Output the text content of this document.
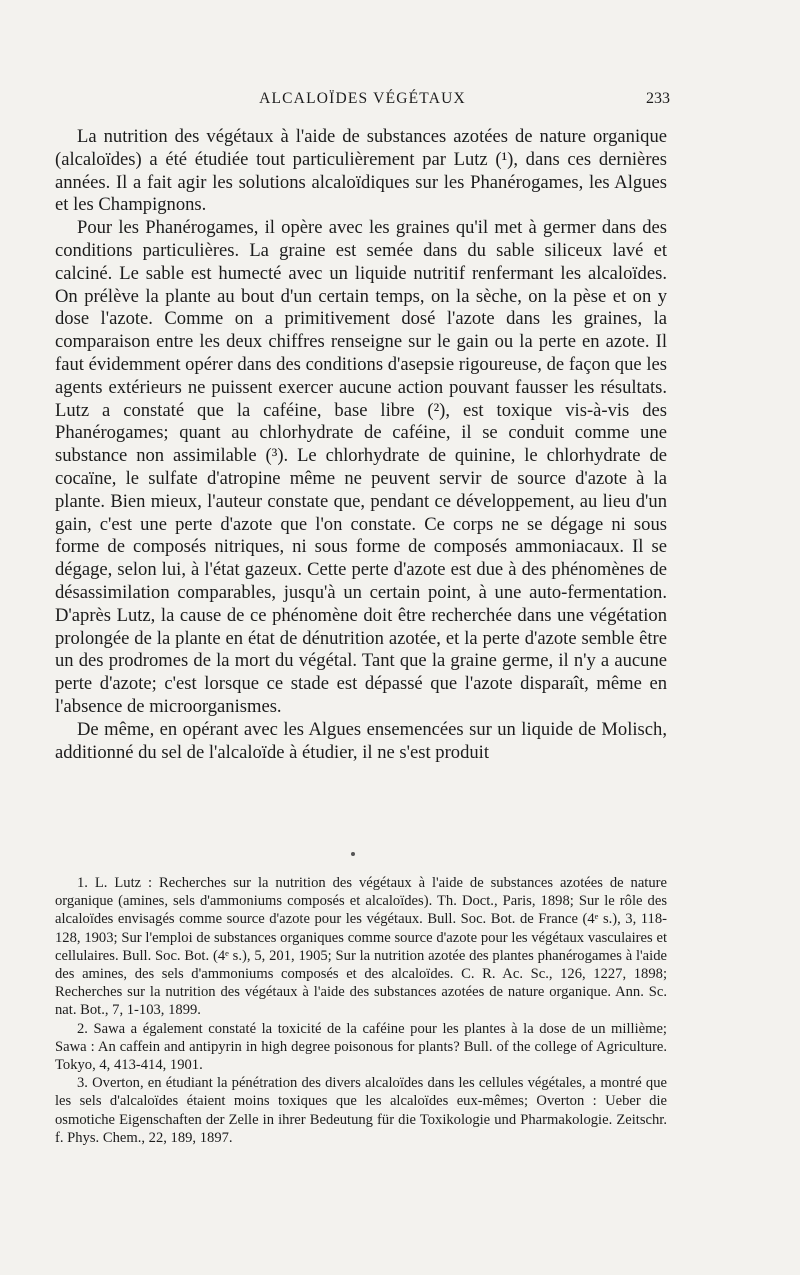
ALCALOÏDES VÉGÉTAUX	233

La nutrition des végétaux à l'aide de substances azotées de nature organique (alcaloïdes) a été étudiée tout particulièrement par Lutz (¹), dans ces dernières années. Il a fait agir les solutions alcaloïdiques sur les Phanérogames, les Algues et les Champignons.

Pour les Phanérogames, il opère avec les graines qu'il met à germer dans des conditions particulières. La graine est semée dans du sable siliceux lavé et calciné. Le sable est humecté avec un liquide nutritif renfermant les alcaloïdes. On prélève la plante au bout d'un certain temps, on la sèche, on la pèse et on y dose l'azote. Comme on a primitivement dosé l'azote dans les graines, la comparaison entre les deux chiffres renseigne sur le gain ou la perte en azote. Il faut évidemment opérer dans des conditions d'asepsie rigoureuse, de façon que les agents extérieurs ne puissent exercer aucune action pouvant fausser les résultats. Lutz a constaté que la caféine, base libre (²), est toxique vis-à-vis des Phanérogames; quant au chlorhydrate de caféine, il se conduit comme une substance non assimilable (³). Le chlorhydrate de quinine, le chlorhydrate de cocaïne, le sulfate d'atropine même ne peuvent servir de source d'azote à la plante. Bien mieux, l'auteur constate que, pendant ce développement, au lieu d'un gain, c'est une perte d'azote que l'on constate. Ce corps ne se dégage ni sous forme de composés nitriques, ni sous forme de composés ammoniacaux. Il se dégage, selon lui, à l'état gazeux. Cette perte d'azote est due à des phénomènes de désassimilation comparables, jusqu'à un certain point, à une auto-fermentation. D'après Lutz, la cause de ce phénomène doit être recherchée dans une végétation prolongée de la plante en état de dénutrition azotée, et la perte d'azote semble être un des prodromes de la mort du végétal. Tant que la graine germe, il n'y a aucune perte d'azote; c'est lorsque ce stade est dépassé que l'azote disparaît, même en l'absence de microorganismes.

De même, en opérant avec les Algues ensemencées sur un liquide de Molisch, additionné du sel de l'alcaloïde à étudier, il ne s'est produit

1. L. Lutz : Recherches sur la nutrition des végétaux à l'aide de substances azotées de nature organique (amines, sels d'ammoniums composés et alcaloïdes). Th. Doct., Paris, 1898; Sur le rôle des alcaloïdes envisagés comme source d'azote pour les végétaux. Bull. Soc. Bot. de France (4ᵉ s.), 3, 118-128, 1903; Sur l'emploi de substances organiques comme source d'azote pour les végétaux vasculaires et cellulaires. Bull. Soc. Bot. (4ᵉ s.), 5, 201, 1905; Sur la nutrition azotée des plantes phanérogames à l'aide des amines, des sels d'ammoniums composés et des alcaloïdes. C. R. Ac. Sc., 126, 1227, 1898; Recherches sur la nutrition des végétaux à l'aide des substances azotées de nature organique. Ann. Sc. nat. Bot., 7, 1-103, 1899.

2. Sawa a également constaté la toxicité de la caféine pour les plantes à la dose de un millième; Sawa : An caffein and antipyrin in high degree poisonous for plants? Bull. of the college of Agriculture. Tokyo, 4, 413-414, 1901.

3. Overton, en étudiant la pénétration des divers alcaloïdes dans les cellules végétales, a montré que les sels d'alcaloïdes étaient moins toxiques que les alcaloïdes eux-mêmes; Overton : Ueber die osmotiche Eigenschaften der Zelle in ihrer Bedeutung für die Toxikologie und Pharmakologie. Zeitschr. f. Phys. Chem., 22, 189, 1897.
